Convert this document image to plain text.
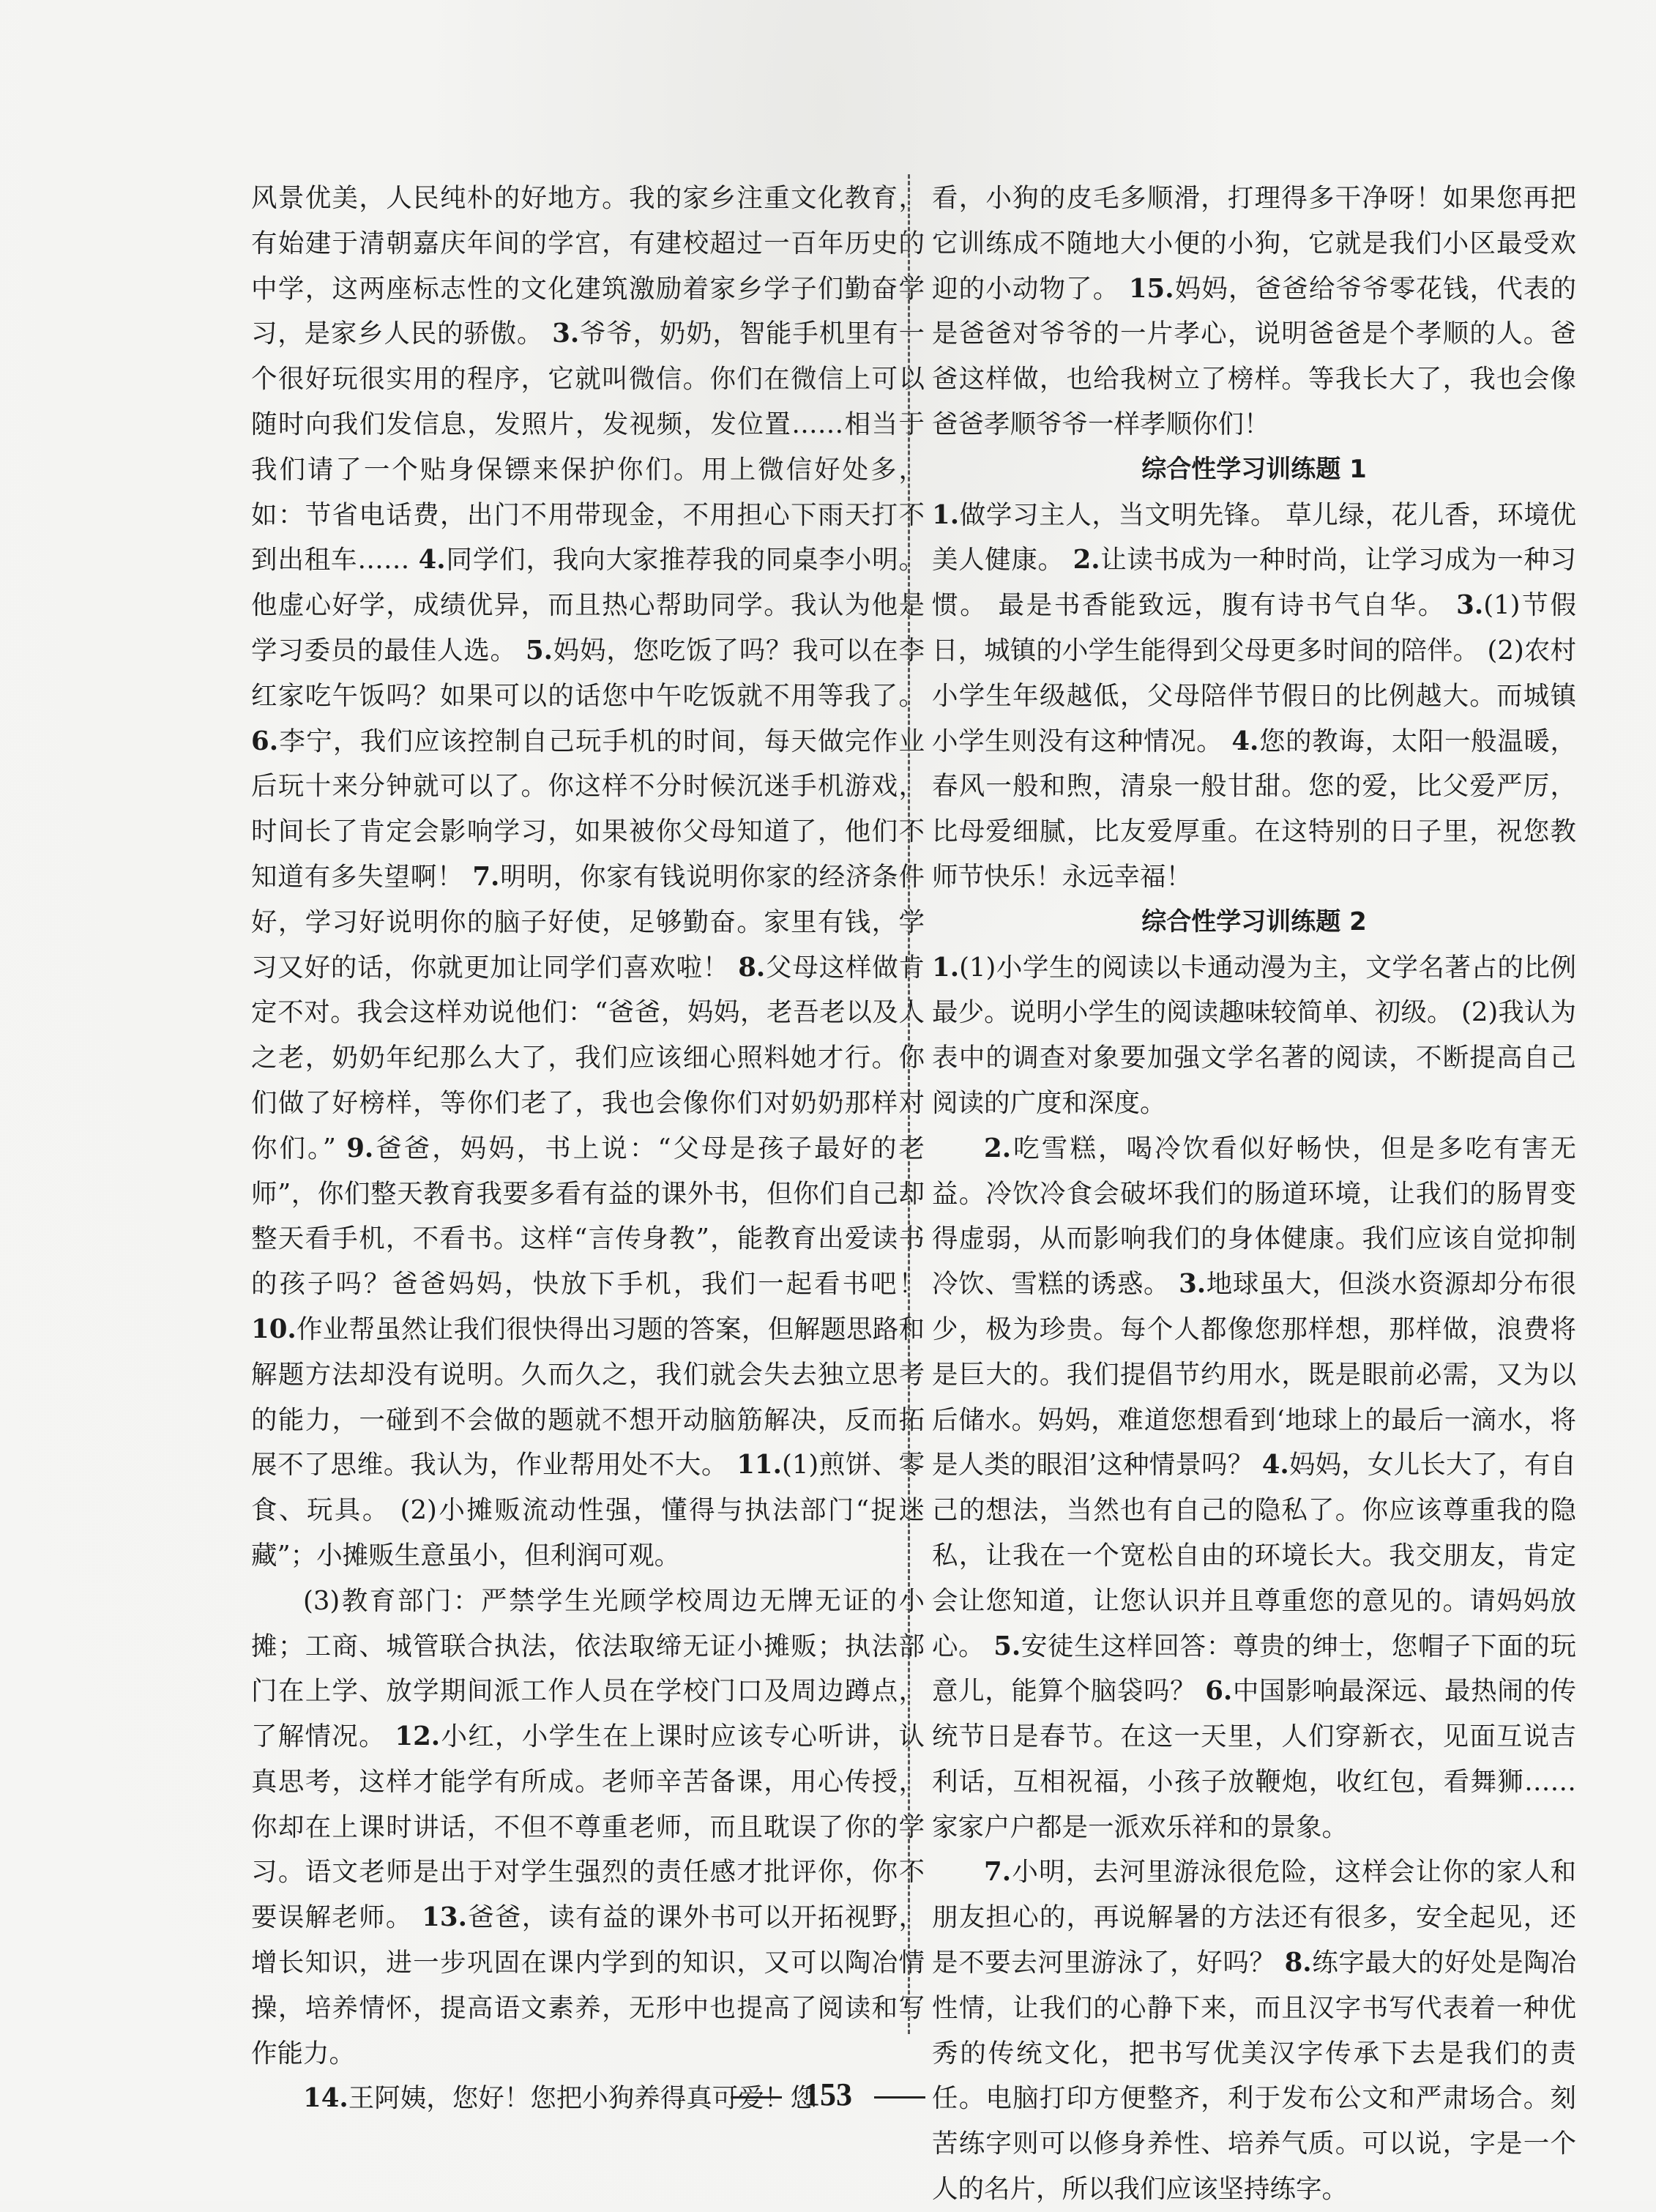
风景优美，人民纯朴的好地方。我的家乡注重文化教育，有始建于清朝嘉庆年间的学宫，有建校超过一百年历史的中学，这两座标志性的文化建筑激励着家乡学子们勤奋学习，是家乡人民的骄傲。 3.爷爷，奶奶，智能手机里有一个很好玩很实用的程序，它就叫微信。你们在微信上可以随时向我们发信息，发照片，发视频，发位置……相当于我们请了一个贴身保镖来保护你们。用上微信好处多，如：节省电话费，出门不用带现金，不用担心下雨天打不到出租车…… 4.同学们，我向大家推荐我的同桌李小明。他虚心好学，成绩优异，而且热心帮助同学。我认为他是学习委员的最佳人选。 5.妈妈，您吃饭了吗？我可以在李红家吃午饭吗？如果可以的话您中午吃饭就不用等我了。 6.李宁，我们应该控制自己玩手机的时间，每天做完作业后玩十来分钟就可以了。你这样不分时候沉迷手机游戏，时间长了肯定会影响学习，如果被你父母知道了，他们不知道有多失望啊！ 7.明明，你家有钱说明你家的经济条件好，学习好说明你的脑子好使，足够勤奋。家里有钱，学习又好的话，你就更加让同学们喜欢啦！ 8.父母这样做肯定不对。我会这样劝说他们：“爸爸，妈妈，老吾老以及人之老，奶奶年纪那么大了，我们应该细心照料她才行。你们做了好榜样，等你们老了，我也会像你们对奶奶那样对你们。” 9.爸爸，妈妈，书上说：“父母是孩子最好的老师”，你们整天教育我要多看有益的课外书，但你们自己却整天看手机，不看书。这样“言传身教”，能教育出爱读书的孩子吗？爸爸妈妈，快放下手机，我们一起看书吧！ 10.作业帮虽然让我们很快得出习题的答案，但解题思路和解题方法却没有说明。久而久之，我们就会失去独立思考的能力，一碰到不会做的题就不想开动脑筋解决，反而拓展不了思维。我认为，作业帮用处不大。 11.(1)煎饼、零食、玩具。 (2)小摊贩流动性强，懂得与执法部门“捉迷藏”；小摊贩生意虽小，但利润可观。

(3)教育部门：严禁学生光顾学校周边无牌无证的小摊；工商、城管联合执法，依法取缔无证小摊贩；执法部门在上学、放学期间派工作人员在学校门口及周边蹲点，了解情况。 12.小红，小学生在上课时应该专心听讲，认真思考，这样才能学有所成。老师辛苦备课，用心传授，你却在上课时讲话，不但不尊重老师，而且耽误了你的学习。语文老师是出于对学生强烈的责任感才批评你，你不要误解老师。 13.爸爸，读有益的课外书可以开拓视野，增长知识，进一步巩固在课内学到的知识，又可以陶冶情操，培养情怀，提高语文素养，无形中也提高了阅读和写作能力。

14.王阿姨，您好！您把小狗养得真可爱！您

看，小狗的皮毛多顺滑，打理得多干净呀！如果您再把它训练成不随地大小便的小狗，它就是我们小区最受欢迎的小动物了。 15.妈妈，爸爸给爷爷零花钱，代表的是爸爸对爷爷的一片孝心，说明爸爸是个孝顺的人。爸爸这样做，也给我树立了榜样。等我长大了，我也会像爸爸孝顺爷爷一样孝顺你们！

综合性学习训练题 1

1.做学习主人，当文明先锋。 草儿绿，花儿香，环境优美人健康。 2.让读书成为一种时尚，让学习成为一种习惯。 最是书香能致远，腹有诗书气自华。 3.(1)节假日，城镇的小学生能得到父母更多时间的陪伴。 (2)农村小学生年级越低，父母陪伴节假日的比例越大。而城镇小学生则没有这种情况。 4.您的教诲，太阳一般温暖，春风一般和煦，清泉一般甘甜。您的爱，比父爱严厉，比母爱细腻，比友爱厚重。在这特别的日子里，祝您教师节快乐！永远幸福！

综合性学习训练题 2

1.(1)小学生的阅读以卡通动漫为主，文学名著占的比例最少。说明小学生的阅读趣味较简单、初级。 (2)我认为表中的调查对象要加强文学名著的阅读，不断提高自己阅读的广度和深度。

2.吃雪糕，喝冷饮看似好畅快，但是多吃有害无益。冷饮冷食会破坏我们的肠道环境，让我们的肠胃变得虚弱，从而影响我们的身体健康。我们应该自觉抑制冷饮、雪糕的诱惑。 3.地球虽大，但淡水资源却分布很少，极为珍贵。每个人都像您那样想，那样做，浪费将是巨大的。我们提倡节约用水，既是眼前必需，又为以后储水。妈妈，难道您想看到‘地球上的最后一滴水，将是人类的眼泪’这种情景吗？ 4.妈妈，女儿长大了，有自己的想法，当然也有自己的隐私了。你应该尊重我的隐私，让我在一个宽松自由的环境长大。我交朋友，肯定会让您知道，让您认识并且尊重您的意见的。请妈妈放心。 5.安徒生这样回答：尊贵的绅士，您帽子下面的玩意儿，能算个脑袋吗？ 6.中国影响最深远、最热闹的传统节日是春节。在这一天里，人们穿新衣，见面互说吉利话，互相祝福，小孩子放鞭炮，收红包，看舞狮……家家户户都是一派欢乐祥和的景象。

7.小明，去河里游泳很危险，这样会让你的家人和朋友担心的，再说解暑的方法还有很多，安全起见，还是不要去河里游泳了，好吗？ 8.练字最大的好处是陶冶性情，让我们的心静下来，而且汉字书写代表着一种优秀的传统文化，把书写优美汉字传承下去是我们的责任。电脑打印方便整齐，利于发布公文和严肃场合。刻苦练字则可以修身养性、培养气质。可以说，字是一个人的名片，所以我们应该坚持练字。

153
